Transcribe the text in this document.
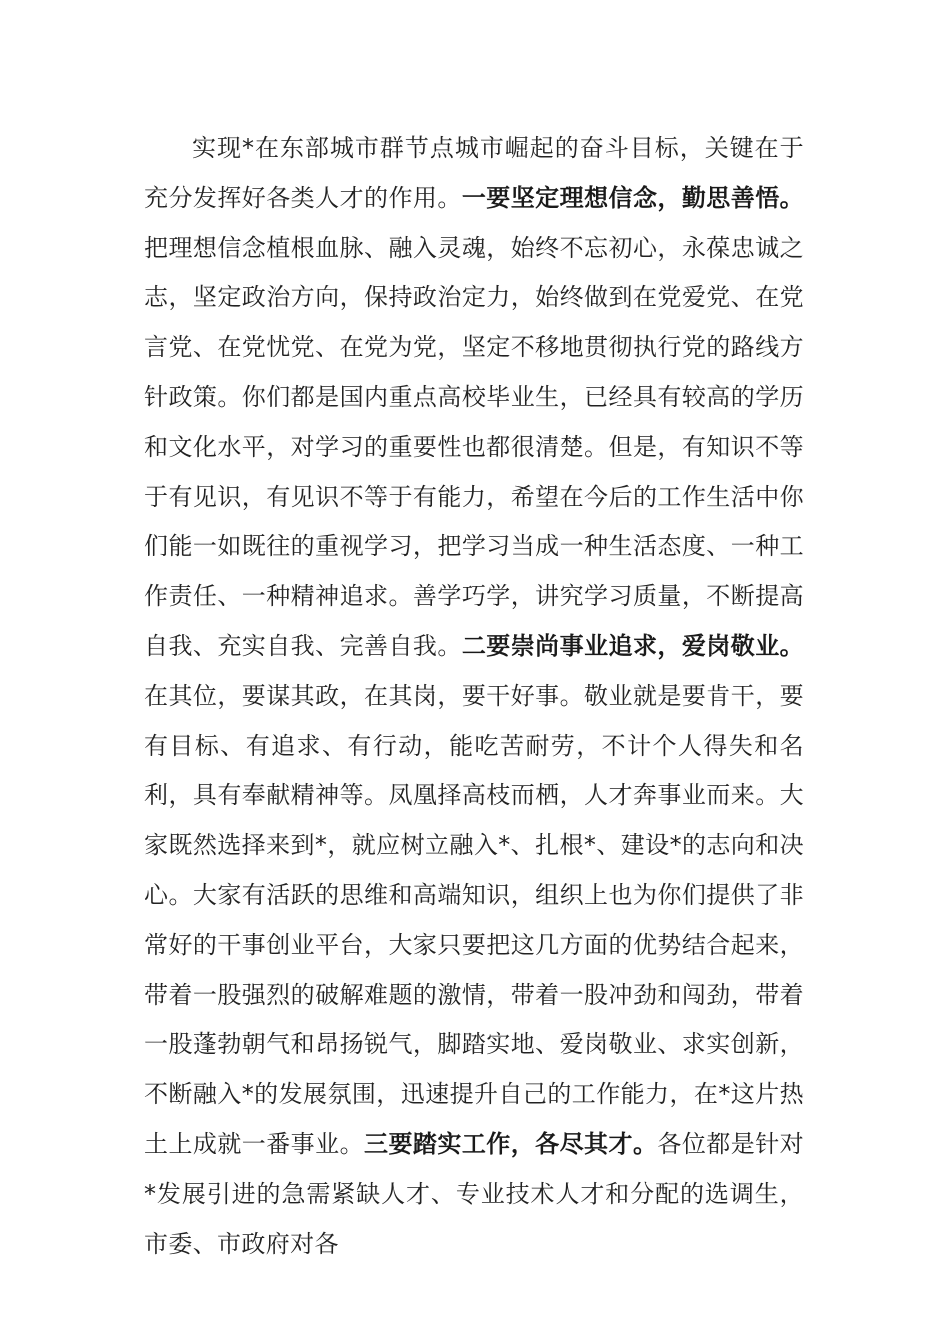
实现*在东部城市群节点城市崛起的奋斗目标，关键在于充分发挥好各类人才的作用。一要坚定理想信念，勤思善悟。把理想信念植根血脉、融入灵魂，始终不忘初心，永葆忠诚之志，坚定政治方向，保持政治定力，始终做到在党爱党、在党言党、在党忧党、在党为党，坚定不移地贯彻执行党的路线方针政策。你们都是国内重点高校毕业生，已经具有较高的学历和文化水平，对学习的重要性也都很清楚。但是，有知识不等于有见识，有见识不等于有能力，希望在今后的工作生活中你们能一如既往的重视学习，把学习当成一种生活态度、一种工作责任、一种精神追求。善学巧学，讲究学习质量，不断提高自我、充实自我、完善自我。二要崇尚事业追求，爱岗敬业。在其位，要谋其政，在其岗，要干好事。敬业就是要肯干，要有目标、有追求、有行动，能吃苦耐劳，不计个人得失和名利，具有奉献精神等。凤凰择高枝而栖，人才奔事业而来。大家既然选择来到*，就应树立融入*、扎根*、建设*的志向和决心。大家有活跃的思维和高端知识，组织上也为你们提供了非常好的干事创业平台，大家只要把这几方面的优势结合起来，带着一股强烈的破解难题的激情，带着一股冲劲和闯劲，带着一股蓬勃朝气和昂扬锐气，脚踏实地、爱岗敬业、求实创新，不断融入*的发展氛围，迅速提升自己的工作能力，在*这片热土上成就一番事业。三要踏实工作，各尽其才。各位都是针对*发展引进的急需紧缺人才、专业技术人才和分配的选调生，市委、市政府对各
